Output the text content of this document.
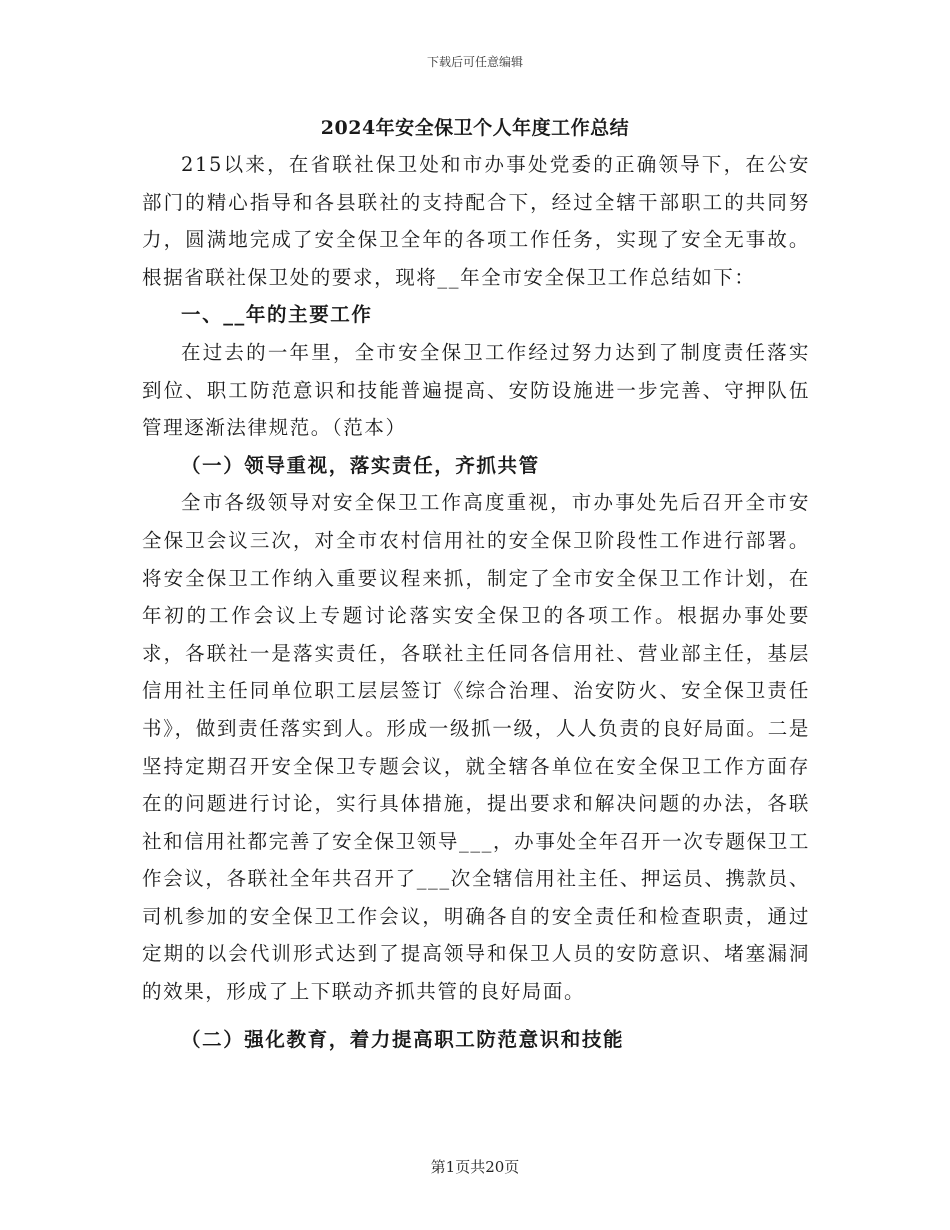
下载后可任意编辑
2024年安全保卫个人年度工作总结

215以来，在省联社保卫处和市办事处党委的正确领导下，在公安部门的精心指导和各县联社的支持配合下，经过全辖干部职工的共同努力，圆满地完成了安全保卫全年的各项工作任务，实现了安全无事故。根据省联社保卫处的要求，现将__年全市安全保卫工作总结如下：

一、__年的主要工作

在过去的一年里，全市安全保卫工作经过努力达到了制度责任落实到位、职工防范意识和技能普遍提高、安防设施进一步完善、守押队伍管理逐渐法律规范。（范本）

（一）领导重视，落实责任，齐抓共管

全市各级领导对安全保卫工作高度重视，市办事处先后召开全市安全保卫会议三次，对全市农村信用社的安全保卫阶段性工作进行部署。将安全保卫工作纳入重要议程来抓，制定了全市安全保卫工作计划，在年初的工作会议上专题讨论落实安全保卫的各项工作。根据办事处要求，各联社一是落实责任，各联社主任同各信用社、营业部主任，基层信用社主任同单位职工层层签订《综合治理、治安防火、安全保卫责任书》，做到责任落实到人。形成一级抓一级，人人负责的良好局面。二是坚持定期召开安全保卫专题会议，就全辖各单位在安全保卫工作方面存在的问题进行讨论，实行具体措施，提出要求和解决问题的办法，各联社和信用社都完善了安全保卫领导___，办事处全年召开一次专题保卫工作会议，各联社全年共召开了___次全辖信用社主任、押运员、携款员、司机参加的安全保卫工作会议，明确各自的安全责任和检查职责，通过定期的以会代训形式达到了提高领导和保卫人员的安防意识、堵塞漏洞的效果，形成了上下联动齐抓共管的良好局面。

（二）强化教育，着力提高职工防范意识和技能

第1页共20页
